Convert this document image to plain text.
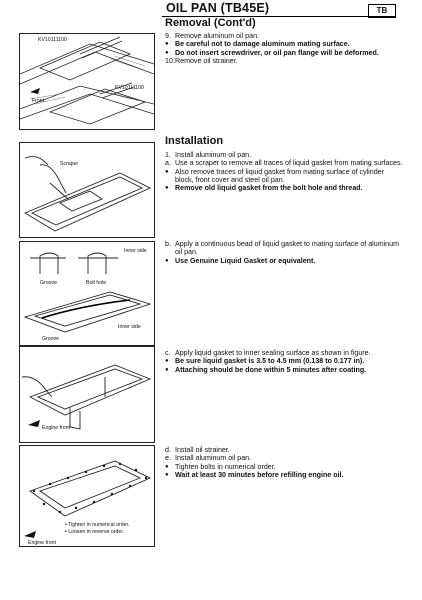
OIL PAN (TB45E)	TB
Removal (Cont'd)
9. Remove aluminum oil pan.
● Be careful not to damage aluminum mating surface.
● Do not insert screwdriver, or oil pan flange will be deformed.
10. Remove oil strainer.
Installation
1. Install aluminum oil pan.
a. Use a scraper to remove all traces of liquid gasket from mating surfaces.
● Also remove traces of liquid gasket from mating surface of cylinder block, front cover and steel oil pan.
● Remove old liquid gasket from the bolt hole and thread.
b. Apply a continuous bead of liquid gasket to mating surface of aluminum oil pan.
● Use Genuine Liquid Gasket or equivalent.
c. Apply liquid gasket to inner sealing surface as shown in figure.
● Be sure liquid gasket is 3.5 to 4.5 mm (0.138 to 0.177 in).
● Attaching should be done within 5 minutes after coating.
d. Install oil strainer.
e. Install aluminum oil pan.
● Tighten bolts in numerical order.
● Wait at least 30 minutes before refilling engine oil.
KV10111100
KV10111100
Front
Scraper
Inner side
Groove	Bolt hole
Inner side
Groove
Engine front
• Tighten in numerical order.
• Loosen in reverse order.
Engine front
